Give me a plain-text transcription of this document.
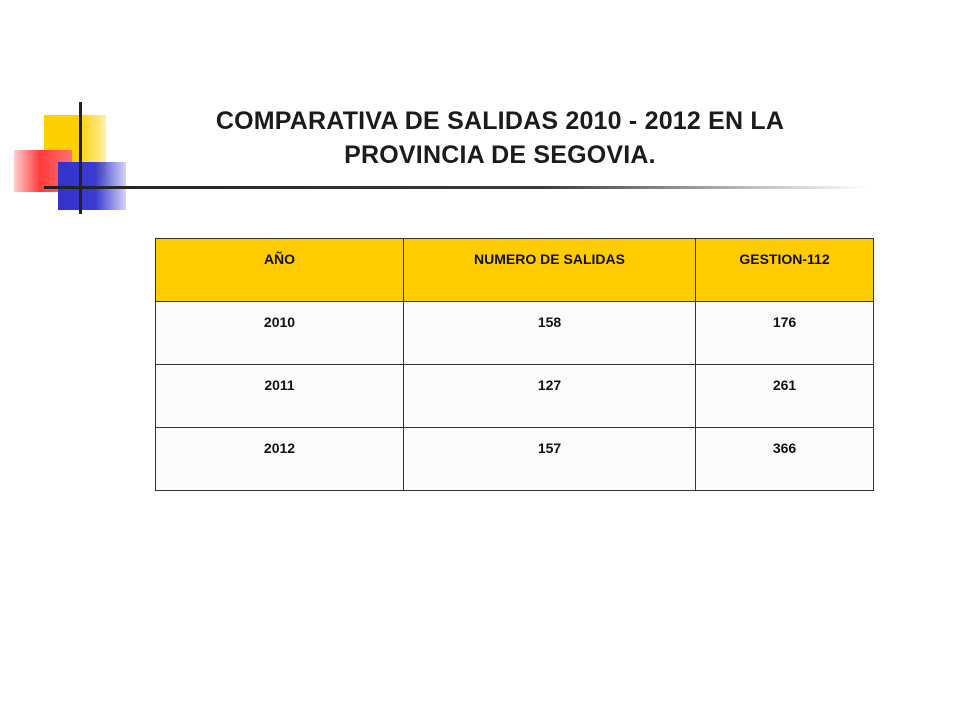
COMPARATIVA DE SALIDAS 2010 - 2012 EN LA
PROVINCIA DE SEGOVIA.
AÑO	NUMERO DE SALIDAS	GESTION-112
2010	158	176
2011	127	261
2012	157	366
